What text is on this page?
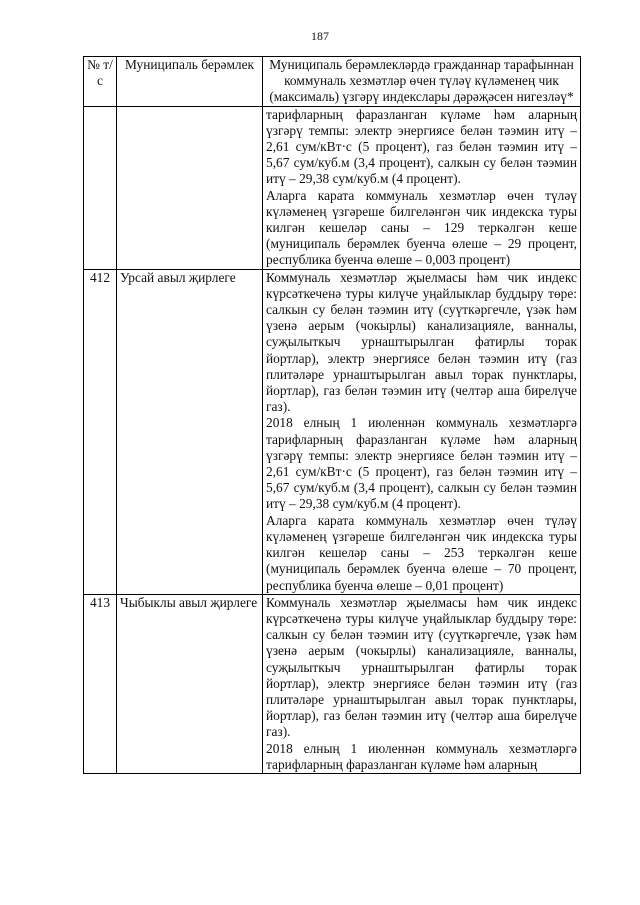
187
№ т/с	Муниципаль берәмлек	Муниципаль берәмлекләрдә гражданнар тарафыннан коммуналь хезмәтләр өчен түләү күләменең чик (максималь) үзгәрү индекслары дәрәҗәсен нигезләү*

		тарифларның фаразланган күләме һәм аларның үзгәрү темпы: электр энергиясе белән тәэмин итү – 2,61 сум/кВт·с (5 процент), газ белән тәэмин итү – 5,67 сум/куб.м (3,4 процент), салкын су белән тәэмин итү – 29,38 сум/куб.м (4 процент).
Аларга карата коммуналь хезмәтләр өчен түләү күләменең үзгәреше билгеләнгән чик индекска туры килгән кешеләр саны – 129 теркәлгән кеше (муниципаль берәмлек буенча өлеше – 29 процент, республика буенча өлеше – 0,003 процент)

412	Урсай авыл җирлеге	Коммуналь хезмәтләр җыелмасы һәм чик индекс күрсәткеченә туры килүче уңайлыклар буддыру төре: салкын су белән тәэмин итү (суүткәргечле, үзәк һәм үзенә аерым (чокырлы) канализацияле, ванналы, суҗылыткыч урнаштырылган фатирлы торак йортлар), электр энергиясе белән тәэмин итү (газ плитәләре урнаштырылган авыл торак пунктлары, йортлар), газ белән тәэмин итү (челтәр аша бирелүче газ).
2018 елның 1 июленнән коммуналь хезмәтләргә тарифларның фаразланган күләме һәм аларның үзгәрү темпы: электр энергиясе белән тәэмин итү – 2,61 сум/кВт·с (5 процент), газ белән тәэмин итү – 5,67 сум/куб.м (3,4 процент), салкын су белән тәэмин итү – 29,38 сум/куб.м (4 процент).
Аларга карата коммуналь хезмәтләр өчен түләү күләменең үзгәреше билгеләнгән чик индекска туры килгән кешеләр саны – 253 теркәлгән кеше (муниципаль берәмлек буенча өлеше – 70 процент, республика буенча өлеше – 0,01 процент)

413	Чыбыклы авыл җирлеге	Коммуналь хезмәтләр җыелмасы һәм чик индекс күрсәткеченә туры килүче уңайлыклар буддыру төре: салкын су белән тәэмин итү (суүткәргечле, үзәк һәм үзенә аерым (чокырлы) канализацияле, ванналы, суҗылыткыч урнаштырылган фатирлы торак йортлар), электр энергиясе белән тәэмин итү (газ плитәләре урнаштырылган авыл торак пунктлары, йортлар), газ белән тәэмин итү (челтәр аша бирелүче газ).
2018 елның 1 июленнән коммуналь хезмәтләргә тарифларның фаразланган күләме һәм аларның
